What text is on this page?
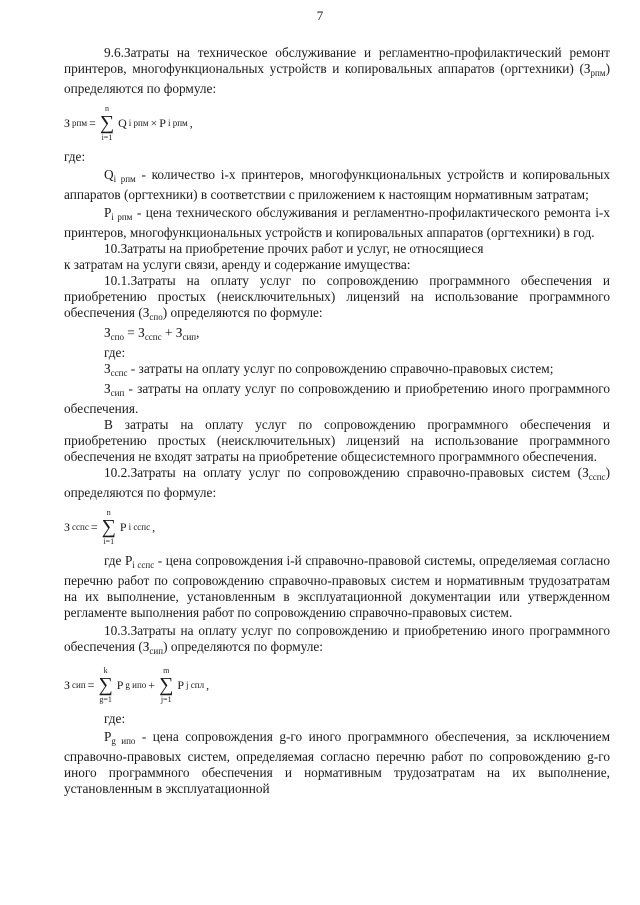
7

9.6.Затраты на техническое обслуживание и регламентно-профилактический ремонт принтеров, многофункциональных устройств и копировальных аппаратов (оргтехники) $(З_{рпм})$ определяются по формуле:

З рпм =
n
∑
i=1
Q i рпм × P i рпм ,

где:

$Q_{i рпм}$ - количество i-х принтеров, многофункциональных устройств и копировальных аппаратов (оргтехники) в соответствии с приложением к настоящим нормативным затратам;

$P_{i рпм}$ - цена технического обслуживания и регламентно-профилактического ремонта i-х принтеров, многофункциональных устройств и копировальных аппаратов (оргтехники) в год.

10.Затраты на приобретение прочих работ и услуг, не относящиеся

к затратам на услуги связи, аренду и содержание имущества:

10.1.Затраты на оплату услуг по сопровождению программного обеспечения и приобретению простых (неисключительных) лицензий на использование программного обеспечения $(З_{спо})$ определяются по формуле:

$З_{спо} = З_{сспс} + З_{сип}$,

где:

$З_{сспс}$ - затраты на оплату услуг по сопровождению справочно-правовых систем;

$З_{сип}$ - затраты на оплату услуг по сопровождению и приобретению иного программного обеспечения.

В затраты на оплату услуг по сопровождению программного обеспечения и приобретению простых (неисключительных) лицензий на использование программного обеспечения не входят затраты на приобретение общесистемного программного обеспечения.

10.2.Затраты на оплату услуг по сопровождению справочно-правовых систем $(З_{сспс})$ определяются по формуле:

З сспс =
n
∑
i=1
P i сспс ,

где $P_{i сспс}$ - цена сопровождения i-й справочно-правовой системы, определяемая согласно перечню работ по сопровождению справочно-правовых систем и нормативным трудозатратам на их выполнение, установленным в эксплуатационной документации или утвержденном регламенте выполнения работ по сопровождению справочно-правовых систем.

10.3.Затраты на оплату услуг по сопровождению и приобретению иного программного обеспечения $(З_{сип})$ определяются по формуле:

З сип =
k
∑
g=1
P g ипо +
m
∑
j=1
P j спл ,

где:

$P_{g ипо}$ - цена сопровождения g-го иного программного обеспечения, за исключением справочно-правовых систем, определяемая согласно перечню работ по сопровождению g-го иного программного обеспечения и нормативным трудозатратам на их выполнение, установленным в эксплуатационной
